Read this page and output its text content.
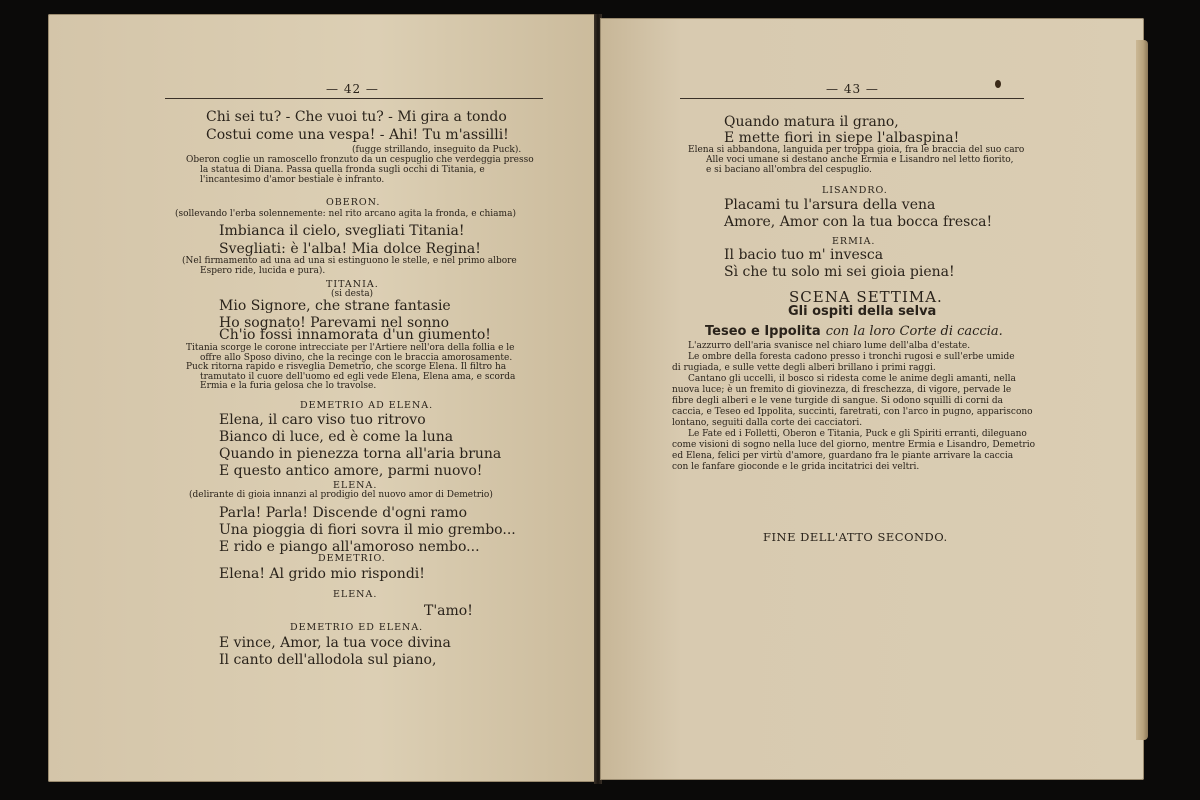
— 42 —
Chi sei tu? - Che vuoi tu? - Mi gira a tondo
Costui come una vespa! - Ahi! Tu m'assilli!
(fugge strillando, inseguito da Puck).
Oberon coglie un ramoscello fronzuto da un cespuglio che verdeggia presso
la statua di Diana. Passa quella fronda sugli occhi di Titania, e
l'incantesimo d'amor bestiale è infranto.
OBERON.
(sollevando l'erba solennemente: nel rito arcano agita la fronda, e chiama)
Imbianca il cielo, svegliati Titania!
Svegliati: è l'alba! Mia dolce Regina!
(Nel firmamento ad una ad una si estinguono le stelle, e nel primo albore
Espero ride, lucida e pura).
TITANIA.
(si desta)
Mio Signore, che strane fantasie
Ho sognato! Parevami nel sonno
Ch'io fossi innamorata d'un giumento!
Titania scorge le corone intrecciate per l'Artiere nell'ora della follia e le
offre allo Sposo divino, che la recinge con le braccia amorosamente.
Puck ritorna rapido e risveglia Demetrio, che scorge Elena. Il filtro ha
tramutato il cuore dell'uomo ed egli vede Elena, Elena ama, e scorda
Ermia e la furia gelosa che lo travolse.
DEMETRIO AD ELENA.
Elena, il caro viso tuo ritrovo
Bianco di luce, ed è come la luna
Quando in pienezza torna all'aria bruna
E questo antico amore, parmi nuovo!
ELENA.
(delirante di gioia innanzi al prodigio del nuovo amor di Demetrio)
Parla! Parla! Discende d'ogni ramo
Una pioggia di fiori sovra il mio grembo...
E rido e piango all'amoroso nembo...
DEMETRIO.
Elena! Al grido mio rispondi!
ELENA.
T'amo!
DEMETRIO ED ELENA.
E vince, Amor, la tua voce divina
Il canto dell'allodola sul piano,
— 43 —
Quando matura il grano,
E mette fiori in siepe l'albaspina!
Elena si abbandona, languida per troppa gioia, fra le braccia del suo caro
Alle voci umane si destano anche Ermia e Lisandro nel letto fiorito,
e si baciano all'ombra del cespuglio.
LISANDRO.
Placami tu l'arsura della vena
Amore, Amor con la tua bocca fresca!
ERMIA.
Il bacio tuo m' invesca
Sì che tu solo mi sei gioia piena!
SCENA SETTIMA.
Gli ospiti della selva
Teseo e Ippolita con la loro Corte di caccia.
L'azzurro dell'aria svanisce nel chiaro lume dell'alba d'estate.
Le ombre della foresta cadono presso i tronchi rugosi e sull'erbe umide
di rugiada, e sulle vette degli alberi brillano i primi raggi.
Cantano gli uccelli, il bosco si ridesta come le anime degli amanti, nella
nuova luce; è un fremito di giovinezza, di freschezza, di vigore, pervade le
fibre degli alberi e le vene turgide di sangue. Si odono squilli di corni da
caccia, e Teseo ed Ippolita, succinti, faretrati, con l'arco in pugno, appariscono
lontano, seguiti dalla corte dei cacciatori.
Le Fate ed i Folletti, Oberon e Titania, Puck e gli Spiriti erranti, dileguano
come visioni di sogno nella luce del giorno, mentre Ermia e Lisandro, Demetrio
ed Elena, felici per virtù d'amore, guardano fra le piante arrivare la caccia
con le fanfare gioconde e le grida incitatrici dei veltri.
FINE DELL'ATTO SECONDO.
